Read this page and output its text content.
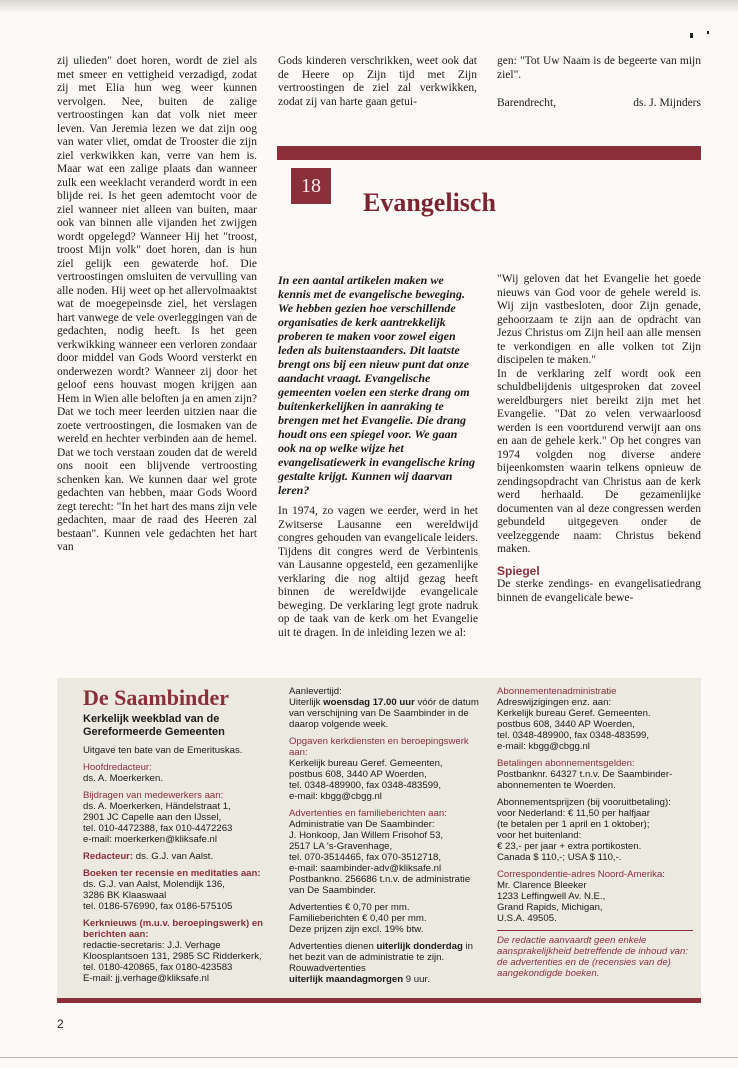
zij ulieden" doet horen, wordt de ziel als met smeer en vettigheid verzadigd, zodat zij met Elia hun weg weer kunnen vervolgen. Nee, buiten de zalige vertroostingen kan dat volk niet meer leven. Van Jeremia lezen we dat zijn oog van water vliet, omdat de Trooster die zijn ziel verkwikken kan, verre van hem is. Maar wat een zalige plaats dan wanneer zulk een weeklacht veranderd wordt in een blijde rei. Is het geen ademtocht voor de ziel wanneer niet alleen van buiten, maar ook van binnen alle vijanden het zwijgen wordt opgelegd? Wanneer Hij het "troost, troost Mijn volk" doet horen, dan is hun ziel gelijk een gewaterde hof. Die vertroostingen omsluiten de vervulling van alle noden. Hij weet op het allervolmaaktst wat de moegepeinsde ziel, het verslagen hart vanwege de vele overleggingen van de gedachten, nodig heeft. Is het geen verkwikking wanneer een verloren zondaar door middel van Gods Woord versterkt en onderwezen wordt? Wanneer zij door het geloof eens houvast mogen krijgen aan Hem in Wien alle beloften ja en amen zijn? Dat we toch meer leerden uitzien naar die zoete vertroostingen, die losmaken van de wereld en hechter verbinden aan de hemel. Dat we toch verstaan zouden dat de wereld ons nooit een blijvende vertroosting schenken kan. We kunnen daar wel grote gedachten van hebben, maar Gods Woord zegt terecht: "In het hart des mans zijn vele gedachten, maar de raad des Heeren zal bestaan". Kunnen vele gedachten het hart van

Gods kinderen verschrikken, weet ook dat de Heere op Zijn tijd met Zijn vertroostingen de ziel zal verkwikken, zodat zij van harte gaan getui-

gen: "Tot Uw Naam is de begeerte van mijn ziel".

Barendrecht,	ds. J. Mijnders
18
Evangelisch

In een aantal artikelen maken we kennis met de evangelische beweging. We hebben gezien hoe verschillende organisaties de kerk aantrekkelijk proberen te maken voor zowel eigen leden als buitenstaanders. Dit laatste brengt ons bij een nieuw punt dat onze aandacht vraagt. Evangelische gemeenten voelen een sterke drang om buitenkerkelijken in aanraking te brengen met het Evangelie. Die drang houdt ons een spiegel voor. We gaan ook na op welke wijze het evangelisatiewerk in evangelische kring gestalte krijgt. Kunnen wij daarvan leren?

In 1974, zo vagen we eerder, werd in het Zwitserse Lausanne een wereldwijd congres gehouden van evangelicale leiders. Tijdens dit congres werd de Verbintenis van Lausanne opgesteld, een gezamenlijke verklaring die nog altijd gezag heeft binnen de wereldwijde evangelicale beweging. De verklaring legt grote nadruk op de taak van de kerk om het Evangelie uit te dragen. In de inleiding lezen we al:

"Wij geloven dat het Evangelie het goede nieuws van God voor de gehele wereld is. Wij zijn vastbesloten, door Zijn genade, gehoorzaam te zijn aan de opdracht van Jezus Christus om Zijn heil aan alle mensen te verkondigen en alle volken tot Zijn discipelen te maken."

In de verklaring zelf wordt ook een schuldbelijdenis uitgesproken dat zoveel wereldburgers niet bereikt zijn met het Evangelie. "Dat zo velen verwaarloosd werden is een voortdurend verwijt aan ons en aan de gehele kerk." Op het congres van 1974 volgden nog diverse andere bijeenkomsten waarin telkens opnieuw de zendingsopdracht van Christus aan de kerk werd herhaald. De gezamenlijke documenten van al deze congressen werden gebundeld uitgegeven onder de veelzeggende naam: Christus bekend maken.

Spiegel

De sterke zendings- en evangelisatiedrang binnen de evangelicale bewe-

De Saambinder
Kerkelijk weekblad van de Gereformeerde Gemeenten

Uitgave ten bate van de Emerituskas.

Hoofdredacteur:
ds. A. Moerkerken.

Bijdragen van medewerkers aan:
ds. A. Moerkerken, Händelstraat 1,
2901 JC Capelle aan den IJssel,
tel. 010-4472388, fax 010-4472263
e-mail: moerkerken@kliksafe.nl

Redacteur: ds. G.J. van Aalst.

Boeken ter recensie en meditaties aan:
ds. G.J. van Aalst, Molendijk 136,
3286 BK Klaaswaal
tel. 0186-576990, fax 0186-575105

Kerknieuws (m.u.v. beroepingswerk) en berichten aan:
redactie-secretaris: J.J. Verhage
Kloosplantsoen 131, 2985 SC Ridderkerk,
tel. 0180-420865, fax 0180-423583
E-mail: jj.verhage@kliksafe.nl

Aanlevertijd:
Uiterlijk woensdag 17.00 uur vóór de datum van verschijning van De Saambinder in de daarop volgende week.

Opgaven kerkdiensten en beroepingswerk aan:
Kerkelijk bureau Geref. Gemeenten,
postbus 608, 3440 AP Woerden,
tel. 0348-489900, fax 0348-483599,
e-mail: kbgg@cbgg.nl

Advertenties en familieberichten aan:
Administratie van De Saambinder:
J. Honkoop, Jan Willem Frisohof 53,
2517 LA 's-Gravenhage,
tel. 070-3514465, fax 070-3512718,
e-mail: saambinder-adv@kliksafe.nl
Postbankno. 256686 t.n.v. de administratie van De Saambinder.

Advertenties € 0,70 per mm.
Familieberichten € 0,40 per mm.
Deze prijzen zijn excl. 19% btw.

Advertenties dienen uiterlijk donderdag in het bezit van de administratie te zijn.
Rouwadvertenties
uiterlijk maandagmorgen 9 uur.

Abonnementenadministratie
Adreswijzigingen enz. aan:
Kerkelijk bureau Geref. Gemeenten.
postbus 608, 3440 AP Woerden,
tel. 0348-489900, fax 0348-483599,
e-mail: kbgg@cbgg.nl

Betalingen abonnementsgelden:
Postbanknr. 64327 t.n.v. De Saambinder-
abonnementen te Woerden.

Abonnementsprijzen (bij vooruitbetaling):
voor Nederland: € 11,50 per halfjaar
(te betalen per 1 april en 1 oktober);
voor het buitenland:
€ 23,- per jaar + extra portikosten.
Canada $ 110,-; USA $ 110,-.

Correspondentie-adres Noord-Amerika:
Mr. Clarence Bleeker
1233 Leffingwell Av. N.E.,
Grand Rapids, Michigan,
U.S.A. 49505.

De redactie aanvaardt geen enkele aansprakelijkheid betreffende de inhoud van: de advertenties en de (recensies van de) aangekondigde boeken.

2
